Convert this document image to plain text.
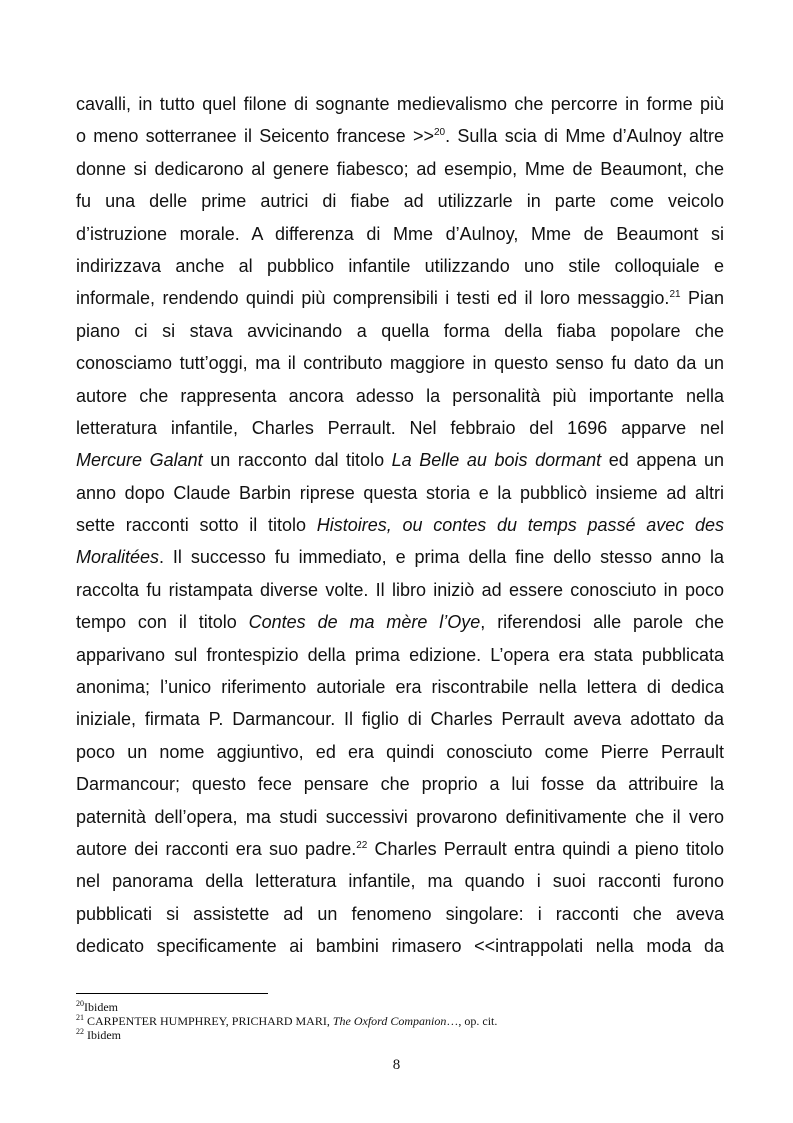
cavalli, in tutto quel filone di sognante medievalismo che percorre in forme più
o meno sotterranee il Seicento francese >>$^{20}$. Sulla scia di Mme d’Aulnoy altre
donne si dedicarono al genere fiabesco; ad esempio, Mme de Beaumont, che
fu una delle prime autrici di fiabe ad utilizzarle in parte come veicolo
d’istruzione morale. A differenza di Mme d’Aulnoy, Mme de Beaumont si
indirizzava anche al pubblico infantile utilizzando uno stile colloquiale e
informale, rendendo quindi più comprensibili i testi ed il loro messaggio.$^{21}$ Pian
piano ci si stava avvicinando a quella forma della fiaba popolare che
conosciamo tutt’oggi, ma il contributo maggiore in questo senso fu dato da un
autore che rappresenta ancora adesso la personalità più importante nella
letteratura infantile, Charles Perrault. Nel febbraio del 1696 apparve nel
Mercure Galant un racconto dal titolo La Belle au bois dormant ed appena un
anno dopo Claude Barbin riprese questa storia e la pubblicò insieme ad altri
sette racconti sotto il titolo Histoires, ou contes du temps passé avec des
Moralitées. Il successo fu immediato, e prima della fine dello stesso anno la
raccolta fu ristampata diverse volte. Il libro iniziò ad essere conosciuto in poco
tempo con il titolo Contes de ma mère l’Oye, riferendosi alle parole che
apparivano sul frontespizio della prima edizione. L’opera era stata pubblicata
anonima; l’unico riferimento autoriale era riscontrabile nella lettera di dedica
iniziale, firmata P. Darmancour. Il figlio di Charles Perrault aveva adottato da
poco un nome aggiuntivo, ed era quindi conosciuto come Pierre Perrault
Darmancour; questo fece pensare che proprio a lui fosse da attribuire la
paternità dell’opera, ma studi successivi provarono definitivamente che il vero
autore dei racconti era suo padre.$^{22}$ Charles Perrault entra quindi a pieno titolo
nel panorama della letteratura infantile, ma quando i suoi racconti furono
pubblicati si assistette ad un fenomeno singolare: i racconti che aveva
dedicato specificamente ai bambini rimasero <<intrappolati nella moda da
$^{20}$Ibidem
$^{21}$ CARPENTER HUMPHREY, PRICHARD MARI, The Oxford Companion…, op. cit.
$^{22}$ Ibidem
8
